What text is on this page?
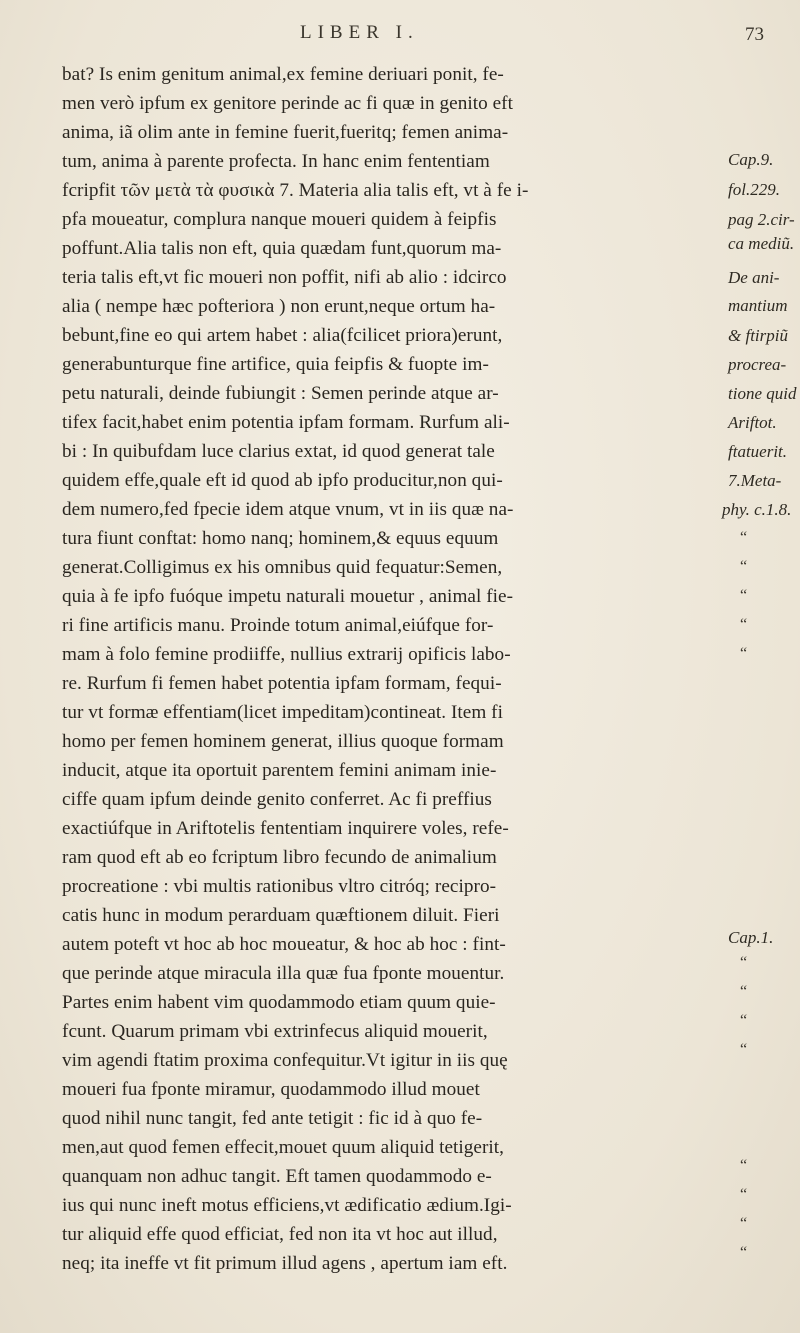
LIBER I.	73
bat? Is enim genitum animal,ex femine deriuari ponit, fe-
men verò ipfum ex genitore perinde ac fi quæ in genito eft
anima, iã olim ante in femine fuerit,fueritq; femen anima-
tum, anima à parente profecta. In hanc enim fententiam
fcripfit τῶν μετὰ τὰ φυσικὰ 7. Materia alia talis eft, vt à fe i-
pfa moueatur, complura nanque moueri quidem à feipfis
poffunt.Alia talis non eft, quia quædam funt,quorum ma-
teria talis eft,vt fic moueri non poffit, nifi ab alio : idcirco
alia ( nempe hæc pofteriora ) non erunt,neque ortum ha-
bebunt,fine eo qui artem habet : alia(fcilicet priora)erunt,
generabunturque fine artifice, quia feipfis & fuopte im-
petu naturali, deinde fubiungit : Semen perinde atque ar-
tifex facit,habet enim potentia ipfam formam. Rurfum ali-
bi : In quibufdam luce clarius extat, id quod generat tale
quidem effe,quale eft id quod ab ipfo producitur,non qui-
dem numero,fed fpecie idem atque vnum, vt in iis quæ na-
tura fiunt conftat: homo nanq; hominem,& equus equum
generat.Colligimus ex his omnibus quid fequatur:Semen,
quia à fe ipfo fuóque impetu naturali mouetur , animal fie-
ri fine artificis manu. Proinde totum animal,eiúfque for-
mam à folo femine prodiiffe, nullius extrarij opificis labo-
re. Rurfum fi femen habet potentia ipfam formam, fequi-
tur vt formæ effentiam(licet impeditam)contineat. Item fi
homo per femen hominem generat, illius quoque formam
inducit, atque ita oportuit parentem femini animam inie-
ciffe quam ipfum deinde genito conferret. Ac fi preffius
exactiúfque in Ariftotelis fententiam inquirere voles, refe-
ram quod eft ab eo fcriptum libro fecundo de animalium
procreatione : vbi multis rationibus vltro citróq; recipro-
catis hunc in modum perarduam quæftionem diluit. Fieri
autem poteft vt hoc ab hoc moueatur, & hoc ab hoc : fint-
que perinde atque miracula illa quæ fua fponte mouentur.
Partes enim habent vim quodammodo etiam quum quie-
fcunt. Quarum primam vbi extrinfecus aliquid mouerit,
vim agendi ftatim proxima confequitur.Vt igitur in iis quę
moueri fua fponte miramur, quodammodo illud mouet
quod nihil nunc tangit, fed ante tetigit : fic id à quo fe-
men,aut quod femen effecit,mouet quum aliquid tetigerit,
quanquam non adhuc tangit. Eft tamen quodammodo e-
ius qui nunc ineft motus efficiens,vt ædificatio ædium.Igi-
tur aliquid effe quod efficiat, fed non ita vt hoc aut illud,
neq; ita ineffe vt fit primum illud agens , apertum iam eft.
Cap.9.
fol.229.
pag 2.cir-
ca mediũ.
De ani-
mantium
& ftirpiũ
procrea-
tione quid
Ariftot.
ftatuerit.
7.Meta-
phy. c.1.8.
Cap.1.
“
“
“
“
“
“
“
“
“
“
“
“
“
